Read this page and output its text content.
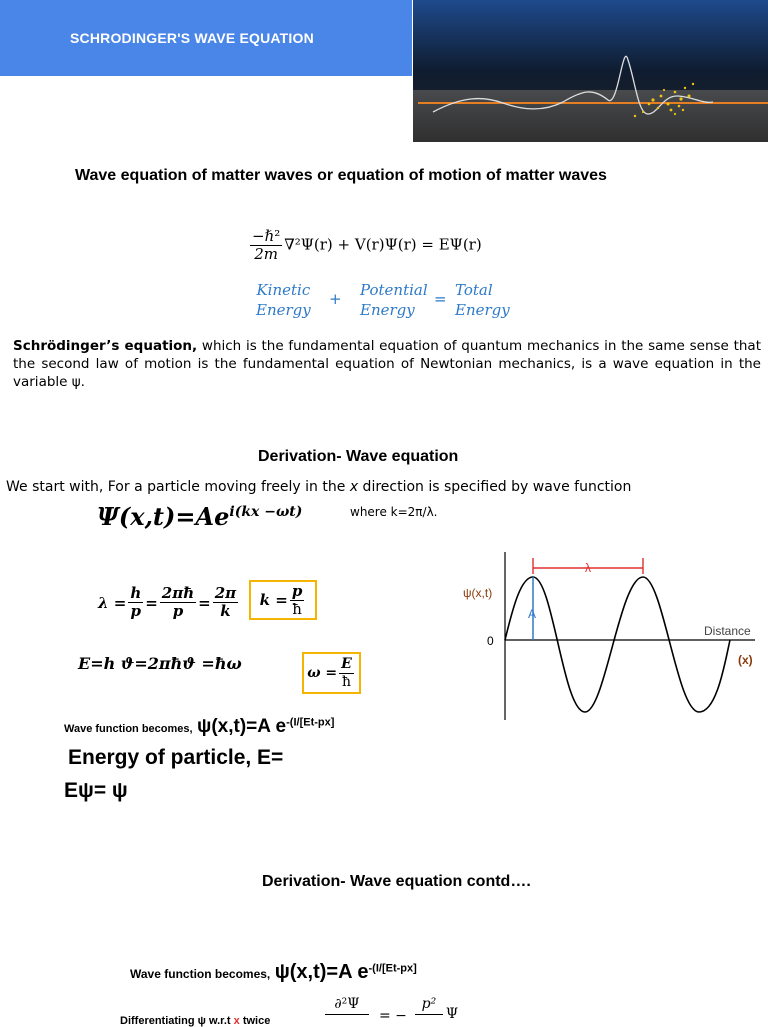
SCHRODINGER'S WAVE EQUATION
Wave equation of matter waves or equation of motion of matter waves
$\frac{\text{−ℏ²}}{2m} \nabla^2\Psi(r) + V(r)\Psi(r) = E\Psi(r)$
Kinetic
Energy
+ Potential
Energy
= Total
Energy
Schrödinger’s equation, which is the fundamental equation of quantum mechanics in the same sense that the second law of motion is the fundamental equation of Newtonian mechanics, is a wave equation in the variable ψ.
Derivation- Wave equation
We start with, For a particle moving freely in the x direction is specified by wave function
$\Psi(x,t)=Ae^{i(kx -\omega t)}$	where k=2π/λ.
$\lambda = \frac{h}{p} = \frac{2\pi ħ}{p} = \frac{2\pi}{k}$ $k = \frac{p}{ħ}$
E=h ϑ=2πħϑ =ħω	$\omega = \frac{E}{ħ}$
Wave function becomes, ψ(x,t)=A $e^{-(I/[Et-px]}$
Energy of particle, E=
Eψ= ψ
λ
ψ(x,t)
A
0
Distance
(x)
Derivation- Wave equation contd….
Wave function becomes, ψ(x,t)=A $e^{-(I/[Et-px]}$
Differentiating ψ w.r.t x twice
∂²Ψ
= −
p²
Ψ
